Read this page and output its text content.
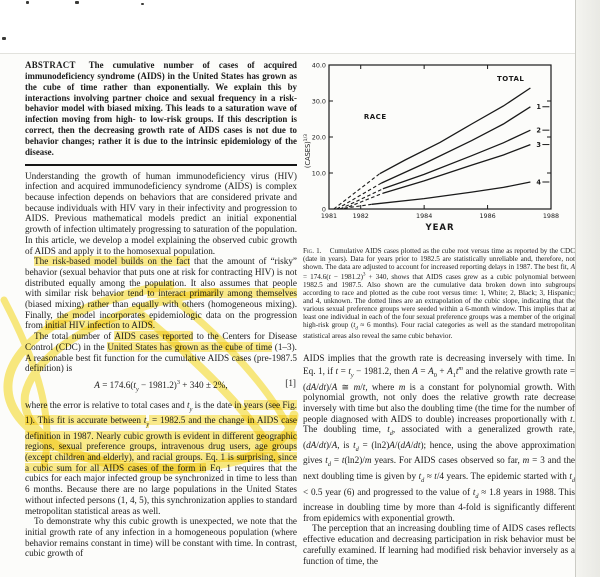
ABSTRACT The cumulative number of cases of acquired immunodeficiency syndrome (AIDS) in the United States has grown as the cube of time rather than exponentially. We explain this by interactions involving partner choice and sexual frequency in a risk-behavior model with biased mixing. This leads to a saturation wave of infection moving from high- to low-risk groups. If this description is correct, then the decreasing growth rate of AIDS cases is not due to behavior changes; rather it is due to the intrinsic epidemiology of the disease.

Understanding the growth of human immunodeficiency virus (HIV) infection and acquired immunodeficiency syndrome (AIDS) is complex because infection depends on behaviors that are considered private and because individuals with HIV vary in their infectivity and progression to AIDS. Previous mathematical models predict an initial exponential growth of infection ultimately progressing to saturation of the population. In this article, we develop a model explaining the observed cubic growth of AIDS and apply it to the homosexual population.

The risk-based model builds on the fact that the amount of “risky” behavior (sexual behavior that puts one at risk for contracting HIV) is not distributed equally among the population. It also assumes that people with similar risk behavior tend to interact primarily among themselves (biased mixing) rather than equally with others (homogeneous mixing). Finally, the model incorporates epidemiologic data on the progression from initial HIV infection to AIDS.

The total number of AIDS cases reported to the Centers for Disease Control (CDC) in the United States has grown as the cube of time (1–3). A reasonable best fit function for the cumulative AIDS cases (pre-1987.5 definition) is

$A = 174.6(t_y - 1981.2)^3 + 340 \pm 2\%$,	[1]

where the error is relative to total cases and $t_y$ is the date in years (see Fig. 1). This fit is accurate between $t_y = 1982.5$ and the change in AIDS case definition in 1987. Nearly cubic growth is evident in different geographic regions, sexual preference groups, intravenous drug users, age groups (except children and elderly), and racial groups. Eq. 1 is surprising, since a cubic sum for all AIDS cases of the form in Eq. 1 requires that the cubics for each major infected group be synchronized in time to less than 6 months. Because there are no large populations in the United States without infected persons (1, 4, 5), this synchronization applies to standard metropolitan statistical areas as well.

To demonstrate why this cubic growth is unexpected, we note that the initial growth rate of any infection in a homogeneous population (where behavior remains constant in time) will be constant with time. In contrast, cubic growth of

0
10.0
20.0
30.0
40.0
1981 1982	1984	1986	1988
YEAR
(CASES)$^{1/3}$
RACE
TOTAL
1
2
3
4
Fig. 1. Cumulative AIDS cases plotted as the cube root versus time as reported by the CDC (date in years). Data for years prior to 1982.5 are statistically unreliable and, therefore, not shown. The data are adjusted to account for increased reporting delays in 1987. The best fit, $A = 174.6(t - 1981.2)^3 + 340$, shows that AIDS cases grew as a cubic polynomial between 1982.5 and 1987.5. Also shown are the cumulative data broken down into subgroups according to race and plotted as the cube root versus time: 1, White; 2, Black; 3, Hispanic; and 4, unknown. The dotted lines are an extrapolation of the cubic slope, indicating that the various sexual preference groups were seeded within a 6-month window. This implies that at least one individual in each of the four sexual preference groups was a member of the original high-risk group ($t_d \approx 6$ months). Four racial categories as well as the standard metropolitan statistical areas also reveal the same cubic behavior.

AIDS implies that the growth rate is decreasing inversely with time. In Eq. 1, if $t = t_y - 1981.2$, then $A = A_0 + A_1t^m$ and the relative growth rate = (dA/dt)/A ≅ m/t, where m is a constant for polynomial growth. With polynomial growth, not only does the relative growth rate decrease inversely with time but also the doubling time (the time for the number of people diagnosed with AIDS to double) increases proportionally with t. The doubling time, $t_d$, associated with a generalized growth rate, (dA/dt)/A, is $t_d = (\ln 2)A/(dA/dt)$; hence, using the above approximation gives $t_d = t(\ln 2)/m$ years. For AIDS cases observed so far, m = 3 and the next doubling time is given by $t_d \approx t/4$ years. The epidemic started with $t_d < 0.5$ year (6) and progressed to the value of $t_d \approx 1.8$ years in 1988. This increase in doubling time by more than 4-fold is significantly different from epidemics with exponential growth.

The perception that an increasing doubling time of AIDS cases reflects effective education and decreasing participation in risk behavior must be carefully examined. If learning had modified risk behavior inversely as a function of time, the
